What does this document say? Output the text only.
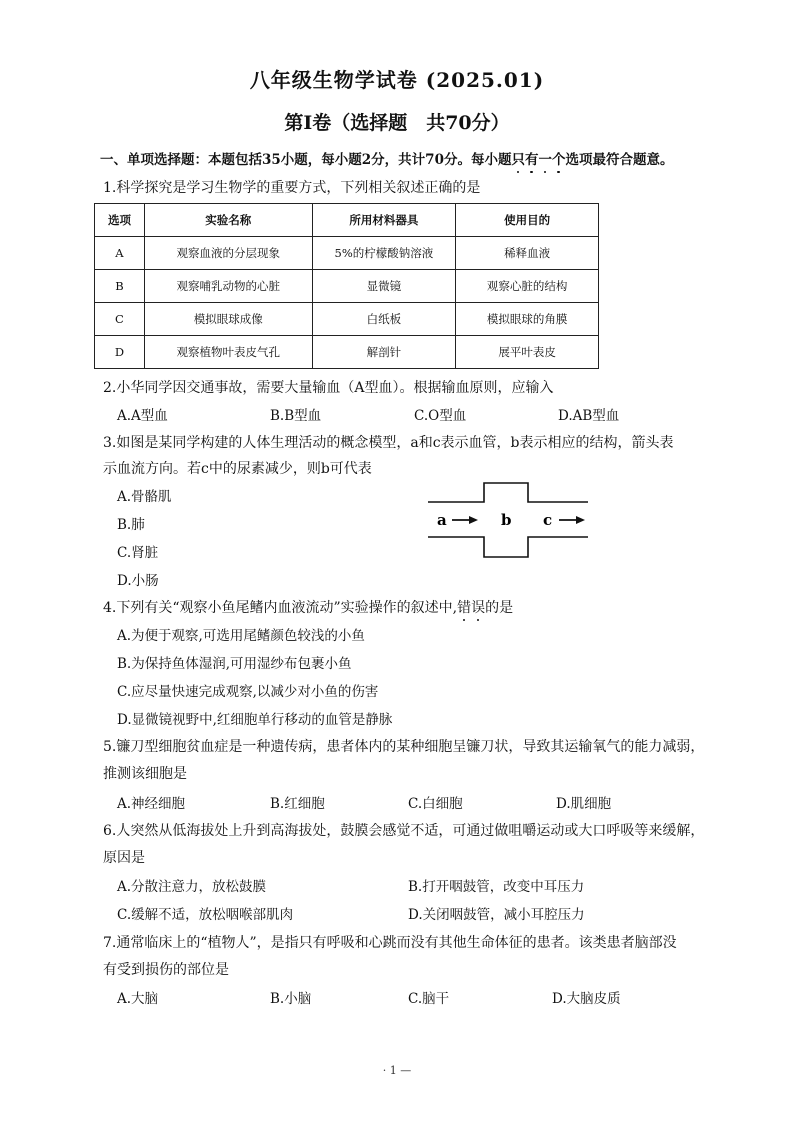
八年级生物学试卷 (2025.01)
第Ⅰ卷（选择题　共70分）
一、单项选择题：本题包括35小题，每小题2分，共计70分。每小题只有一个选项最符合题意。
1.科学探究是学习生物学的重要方式，下列相关叙述正确的是
选项	实验名称	所用材料器具	使用目的
A	观察血液的分层现象	5%的柠檬酸钠溶液	稀释血液
B	观察哺乳动物的心脏	显微镜	观察心脏的结构
C	模拟眼球成像	白纸板	模拟眼球的角膜
D	观察植物叶表皮气孔	解剖针	展平叶表皮
2.小华同学因交通事故，需要大量输血（A型血）。根据输血原则，应输入
A.A型血	B.B型血	C.O型血	D.AB型血
3.如图是某同学构建的人体生理活动的概念模型，a和c表示血管，b表示相应的结构，箭头表
示血流方向。若c中的尿素减少，则b可代表
A.骨骼肌
B.肺
C.肾脏
D.小肠
a	b c
4.下列有关“观察小鱼尾鳍内血液流动”实验操作的叙述中,错误的是
A.为便于观察,可选用尾鳍颜色较浅的小鱼
B.为保持鱼体湿润,可用湿纱布包裹小鱼
C.应尽量快速完成观察,以减少对小鱼的伤害
D.显微镜视野中,红细胞单行移动的血管是静脉
5.镰刀型细胞贫血症是一种遗传病，患者体内的某种细胞呈镰刀状，导致其运输氧气的能力减弱，
推测该细胞是
A.神经细胞	B.红细胞	C.白细胞	D.肌细胞
6.人突然从低海拔处上升到高海拔处，鼓膜会感觉不适，可通过做咀嚼运动或大口呼吸等来缓解，
原因是
A.分散注意力，放松鼓膜	B.打开咽鼓管，改变中耳压力
C.缓解不适，放松咽喉部肌肉	D.关闭咽鼓管，减小耳腔压力
7.通常临床上的“植物人”，是指只有呼吸和心跳而没有其他生命体征的患者。该类患者脑部没
有受到损伤的部位是
A.大脑	B.小脑	C.脑干	D.大脑皮质
· 1 —
